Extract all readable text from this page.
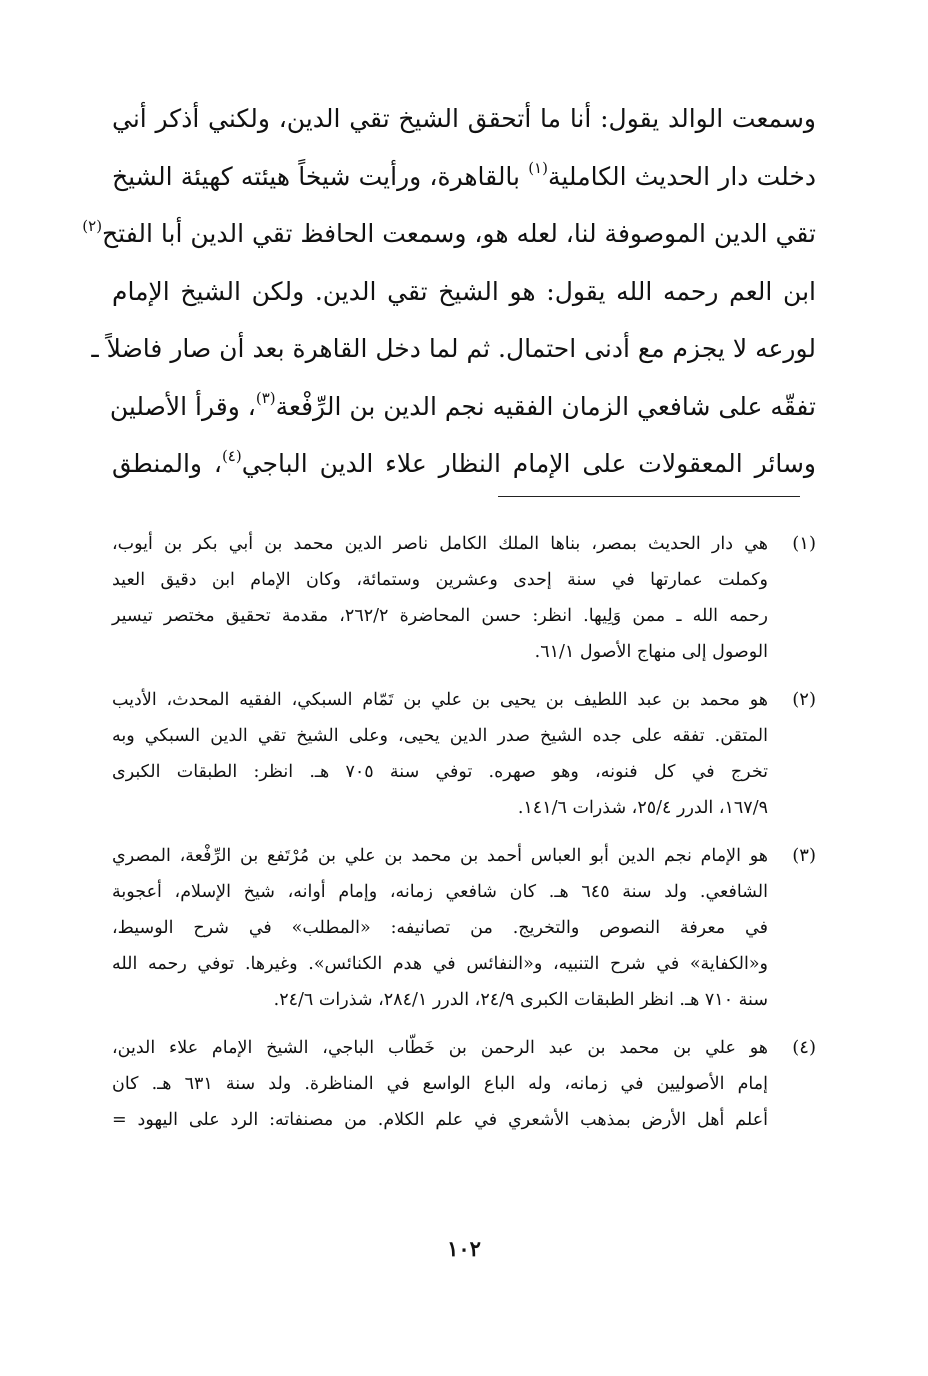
وسمعت الوالد يقول: أنا ما أتحقق الشيخ تقي الدين، ولكني أذكر أني
دخلت دار الحديث الكاملية$^{(١)}$ بالقاهرة، ورأيت شيخاً هيئته كهيئة الشيخ
تقي الدين الموصوفة لنا، لعله هو، وسمعت الحافظ تقي الدين أبا الفتح$^{(٢)}$
ابن العم رحمه الله يقول: هو الشيخ تقي الدين. ولكن الشيخ الإمام
لورعه لا يجزم مع أدنى احتمال. ثم لما دخل القاهرة بعد أن صار فاضلاً ـ
تفقّه على شافعي الزمان الفقيه نجم الدين بن الرِّفْعة$^{(٣)}$، وقرأ الأصلين
وسائر المعقولات على الإمام النظار علاء الدين الباجي$^{(٤)}$، والمنطق
(١)
هي دار الحديث بمصر، بناها الملك الكامل ناصر الدين محمد بن أبي بكر بن أيوب،
وكملت عمارتها في سنة إحدى وعشرين وستمائة، وكان الإمام ابن دقيق العيد
رحمه الله ـ ممن وَلِيها. انظر: حسن المحاضرة ٢٦٢/٢، مقدمة تحقيق مختصر تيسير
الوصول إلى منهاج الأصول ٦١/١.
(٢)
هو محمد بن عبد اللطيف بن يحيى بن علي بن تَمّام السبكي، الفقيه المحدث، الأديب
المتقن. تفقه على جده الشيخ صدر الدين يحيى، وعلى الشيخ تقي الدين السبكي وبه
تخرج في كل فنونه، وهو صهره. توفي سنة ٧٠٥ هـ. انظر: الطبقات الكبرى
١٦٧/٩، الدرر ٢٥/٤، شذرات ١٤١/٦.
(٣)
هو الإمام نجم الدين أبو العباس أحمد بن محمد بن علي بن مُرْتَفع بن الرِّفْعة، المصري
الشافعي. ولد سنة ٦٤٥ هـ. كان شافعي زمانه، وإمام أوانه، شيخ الإسلام، أعجوبة
في معرفة النصوص والتخريج. من تصانيفه: «المطلب» في شرح الوسيط،
و«الكفاية» في شرح التنبيه، و«النفائس في هدم الكنائس». وغيرها. توفي رحمه الله
سنة ٧١٠ هـ. انظر الطبقات الكبرى ٢٤/٩، الدرر ٢٨٤/١، شذرات ٢٤/٦.
(٤)
هو علي بن محمد بن عبد الرحمن بن خَطّاب الباجي، الشيخ الإمام علاء الدين،
إمام الأصوليين في زمانه، وله الباع الواسع في المناظرة. ولد سنة ٦٣١ هـ. كان
أعلم أهل الأرض بمذهب الأشعري في علم الكلام. من مصنفاته: الرد على اليهود =
١٠٢
